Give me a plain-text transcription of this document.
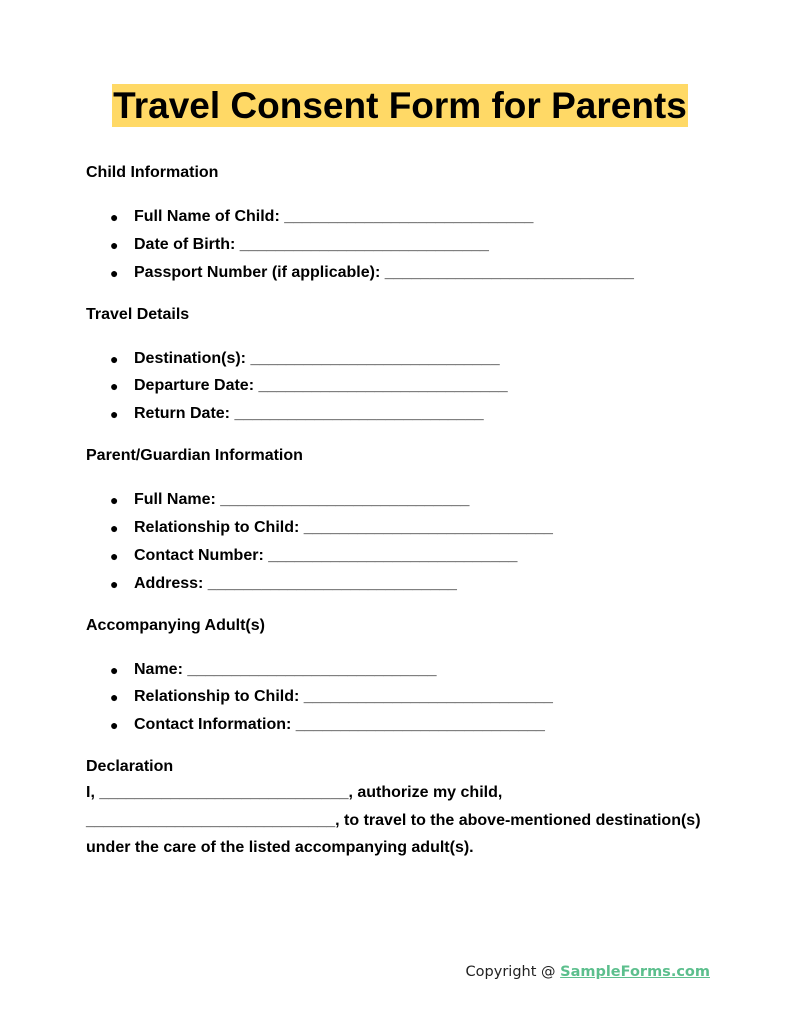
Travel Consent Form for Parents
Child Information
● Full Name of Child: ____________________________
● Date of Birth: ____________________________
● Passport Number (if applicable): ____________________________
Travel Details
● Destination(s): ____________________________
● Departure Date: ____________________________
● Return Date: ____________________________
Parent/Guardian Information
● Full Name: ____________________________
● Relationship to Child: ____________________________
● Contact Number: ____________________________
● Address: ____________________________
Accompanying Adult(s)
● Name: ____________________________
● Relationship to Child: ____________________________
● Contact Information: ____________________________
Declaration
I, ____________________________, authorize my child, ____________________________, to travel to the above-mentioned destination(s) under the care of the listed accompanying adult(s).
Copyright @ SampleForms.com
